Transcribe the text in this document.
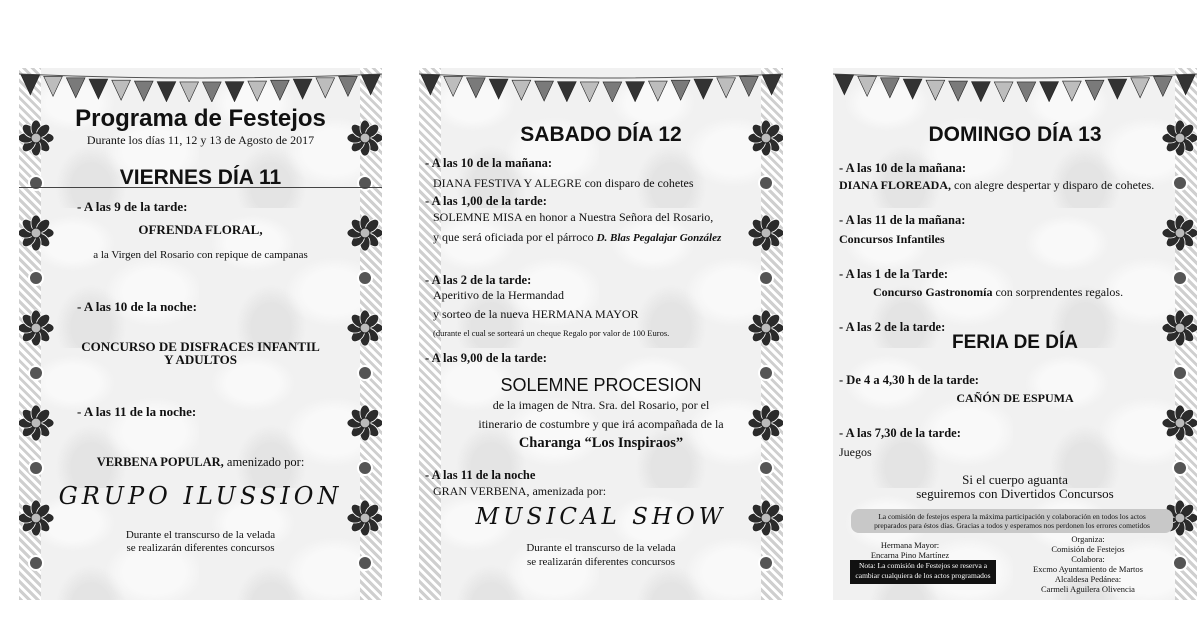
Programa de Festejos
Durante los días 11, 12 y 13 de Agosto de 2017
VIERNES DÍA 11
- A las 9 de la tarde:
OFRENDA FLORAL,
a la Virgen del Rosario con repique de campanas
- A las 10 de la noche:
CONCURSO DE DISFRACES INFANTIL
Y ADULTOS
- A las 11 de la noche:
VERBENA POPULAR, amenizado por:
GRUPO ILUSSION
Durante el transcurso de la velada
se realizarán diferentes concursos
SABADO DÍA 12
- A las 10 de la mañana:
DIANA FESTIVA Y ALEGRE con disparo de cohetes
- A las 1,00 de la tarde:
SOLEMNE MISA en honor a Nuestra Señora del Rosario,
y que será oficiada por el párroco D. Blas Pegalajar González
- A las 2 de la tarde:
Aperitivo de la Hermandad
y sorteo de la nueva HERMANA MAYOR
(durante el cual se sorteará un cheque Regalo por valor de 100 Euros.
- A las 9,00 de la tarde:
SOLEMNE PROCESION
de la imagen de Ntra. Sra. del Rosario, por el
itinerario de costumbre y que irá acompañada de la
Charanga “Los Inspiraos”
- A las 11 de la noche
GRAN VERBENA, amenizada por:
MUSICAL SHOW
Durante el transcurso de la velada
se realizarán diferentes concursos
DOMINGO DÍA 13
- A las 10 de la mañana:
DIANA FLOREADA, con alegre despertar y disparo de cohetes.
- A las 11 de la mañana:
Concursos Infantiles
- A las 1 de la Tarde:
Concurso Gastronomía con sorprendentes regalos.
- A las 2 de la tarde:
FERIA DE DÍA
- De 4 a 4,30 h de la tarde:
CAÑÓN DE ESPUMA
- A las 7,30 de la tarde:
Juegos
Si el cuerpo aguanta
seguiremos con Divertidos Concursos
La comisión de festejos espera la máxima participación y colaboración en todos los actos
preparados para éstos días. Gracias a todos y esperamos nos perdonen los errores cometidos
Hermana Mayor:
Encarna Pino Martínez
Nota: La comisión de Festejos se reserva a
cambiar cualquiera de los actos programados
Organiza:
Comisión de Festejos
Colabora:
Excmo Ayuntamiento de Martos
Alcaldesa Pedánea:
Carmeli Aguilera Olivencia
